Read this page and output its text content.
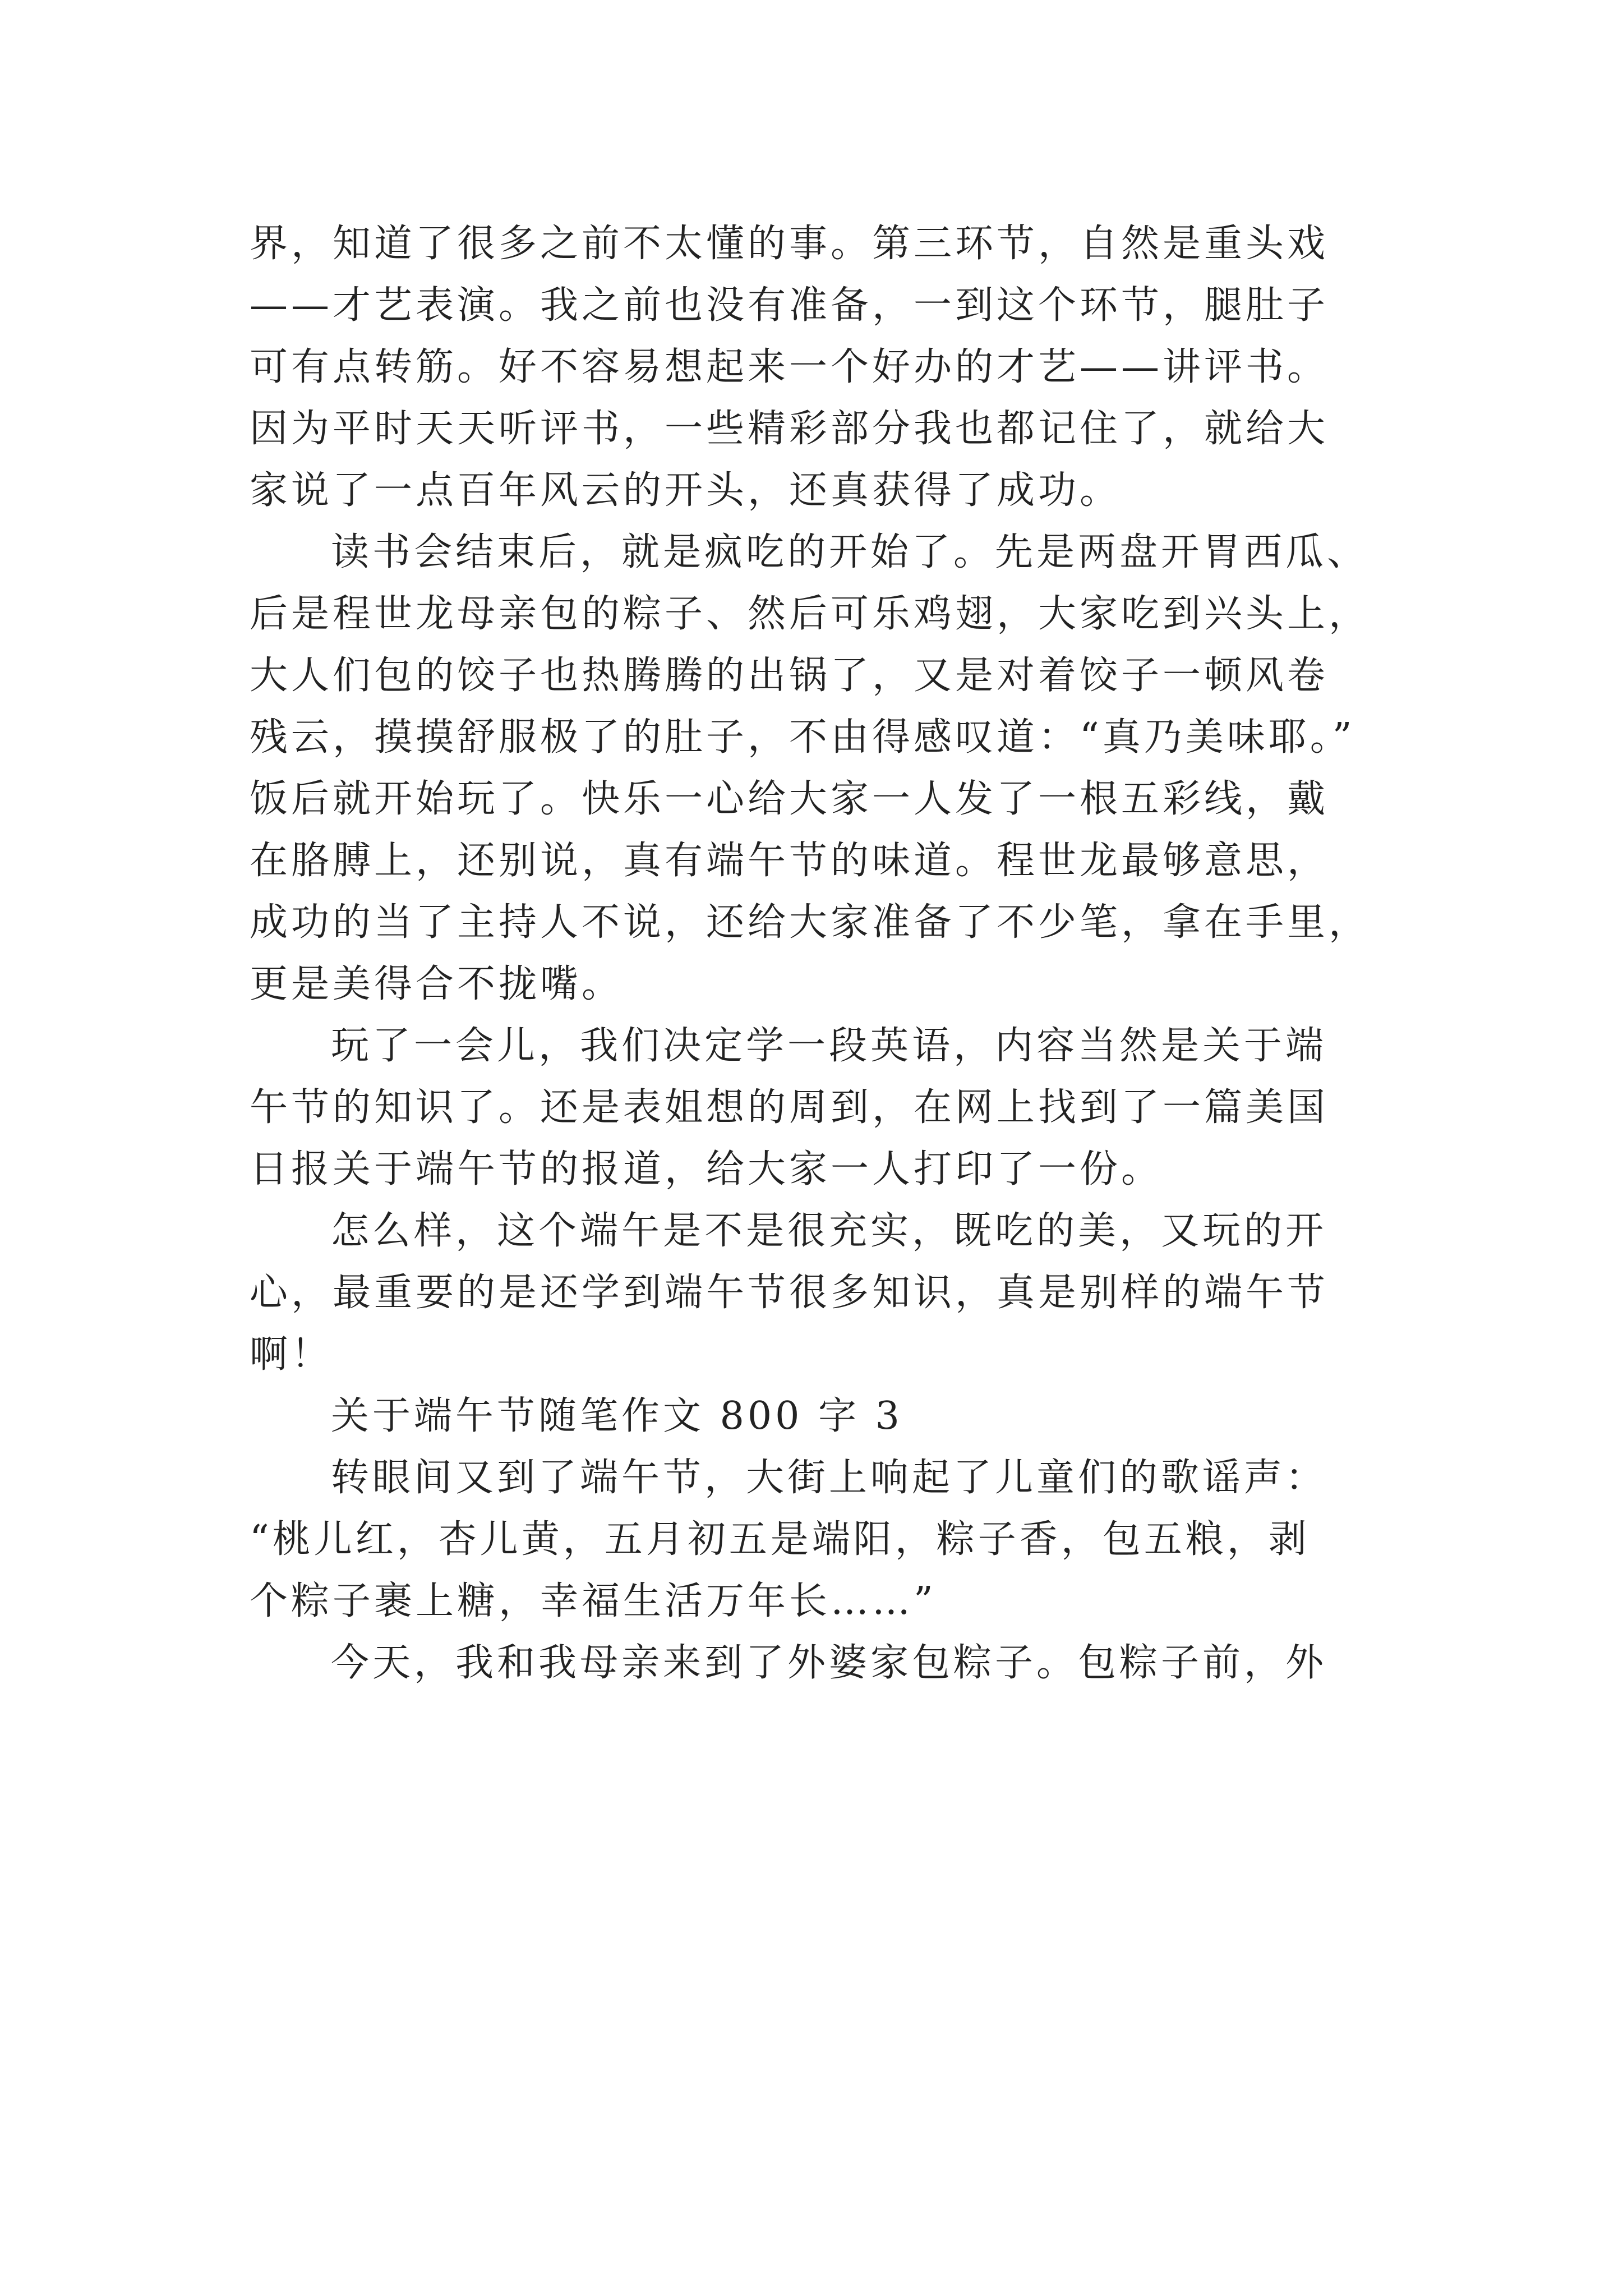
界，知道了很多之前不太懂的事。第三环节，自然是重头戏
——才艺表演。我之前也没有准备，一到这个环节，腿肚子
可有点转筋。好不容易想起来一个好办的才艺——讲评书。
因为平时天天听评书，一些精彩部分我也都记住了，就给大
家说了一点百年风云的开头，还真获得了成功。
读书会结束后，就是疯吃的开始了。先是两盘开胃西瓜、
后是程世龙母亲包的粽子、然后可乐鸡翅，大家吃到兴头上，
大人们包的饺子也热腾腾的出锅了，又是对着饺子一顿风卷
残云，摸摸舒服极了的肚子，不由得感叹道：“真乃美味耶。”
饭后就开始玩了。快乐一心给大家一人发了一根五彩线，戴
在胳膊上，还别说，真有端午节的味道。程世龙最够意思，
成功的当了主持人不说，还给大家准备了不少笔，拿在手里，
更是美得合不拢嘴。
玩了一会儿，我们决定学一段英语，内容当然是关于端
午节的知识了。还是表姐想的周到，在网上找到了一篇美国
日报关于端午节的报道，给大家一人打印了一份。
怎么样，这个端午是不是很充实，既吃的美，又玩的开
心，最重要的是还学到端午节很多知识，真是别样的端午节
啊！
关于端午节随笔作文 800 字 3
转眼间又到了端午节，大街上响起了儿童们的歌谣声：
“桃儿红，杏儿黄，五月初五是端阳，粽子香，包五粮，剥
个粽子裹上糖，幸福生活万年长……”
今天，我和我母亲来到了外婆家包粽子。包粽子前，外
